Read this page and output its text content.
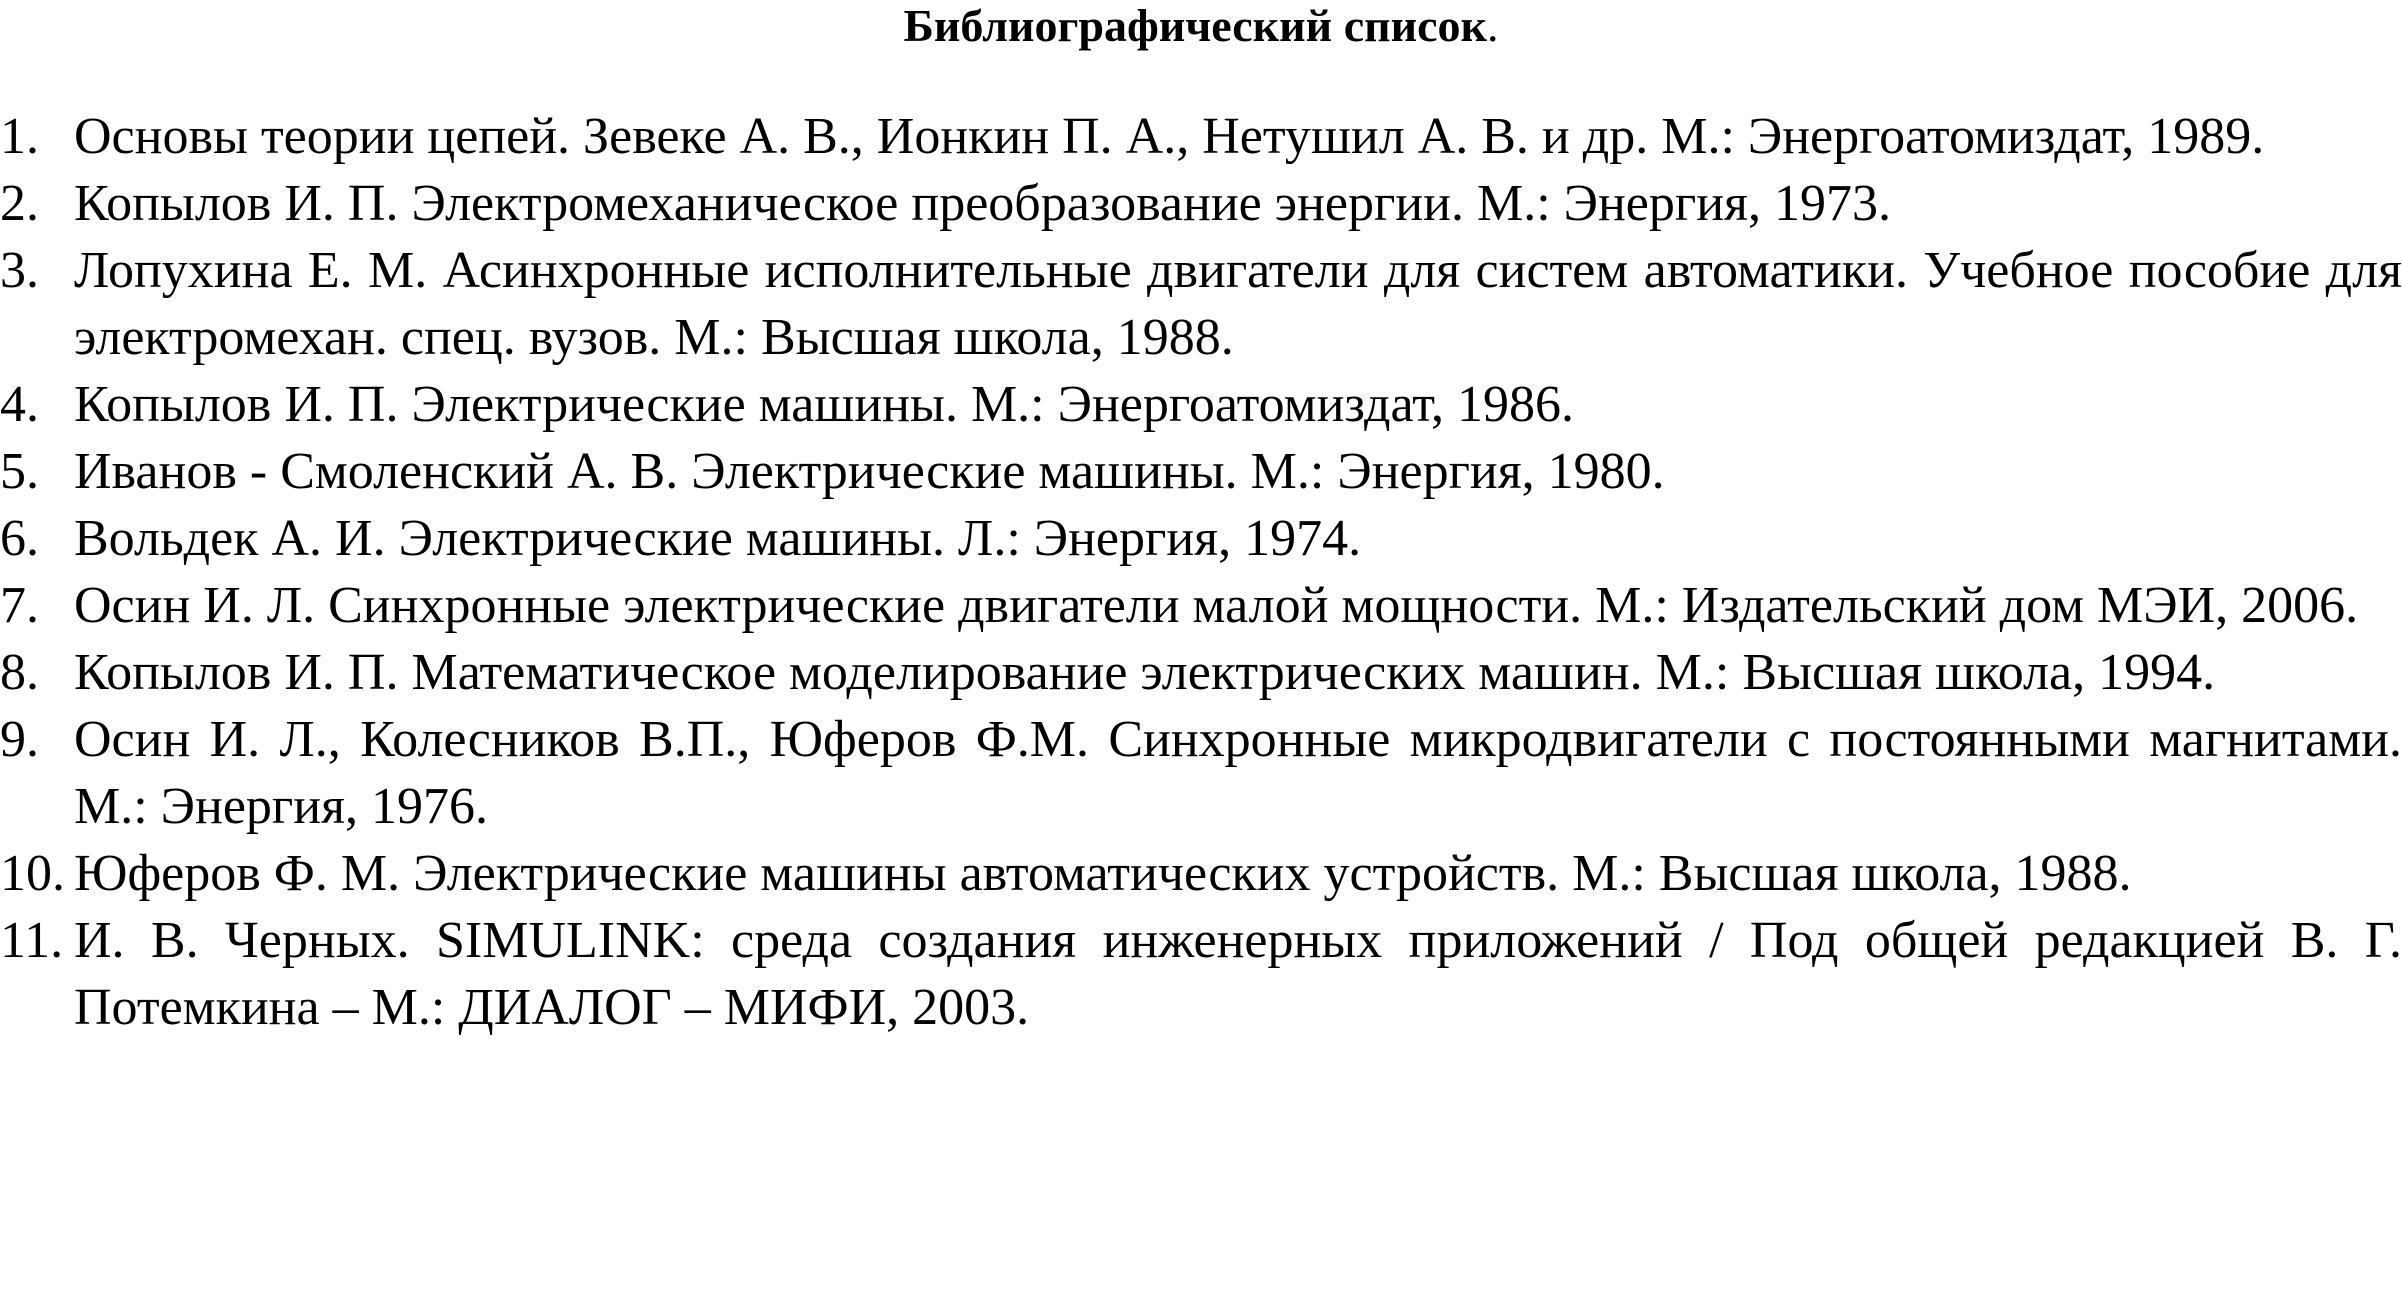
Библиографический список.
1. Основы теории цепей. Зевеке А. В., Ионкин П. А., Нетушил А. В. и др. М.: Энергоатомиздат, 1989.
2. Копылов И. П. Электромеханическое преобразование энергии. М.: Энергия, 1973.
3. Лопухина Е. М. Асинхронные исполнительные двигатели для систем автоматики. Учебное пособие для электромехан. спец. вузов. М.: Высшая школа, 1988.
4. Копылов И. П. Электрические машины. М.: Энергоатомиздат, 1986.
5. Иванов - Смоленский А. В. Электрические машины. М.: Энергия, 1980.
6. Вольдек А. И. Электрические машины. Л.: Энергия, 1974.
7. Осин И. Л. Синхронные электрические двигатели малой мощности. М.: Издательский дом МЭИ, 2006.
8. Копылов И. П. Математическое моделирование электрических машин. М.: Высшая школа, 1994.
9. Осин И. Л., Колесников В.П., Юферов Ф.М. Синхронные микродвигатели с постоянными магнитами. М.: Энергия, 1976.
10. Юферов Ф. М. Электрические машины автоматических устройств. М.: Высшая школа, 1988.
11. И. В. Черных. SIMULINK: среда создания инженерных приложений / Под общей редакцией В. Г. Потемкина – М.: ДИАЛОГ – МИФИ, 2003.
